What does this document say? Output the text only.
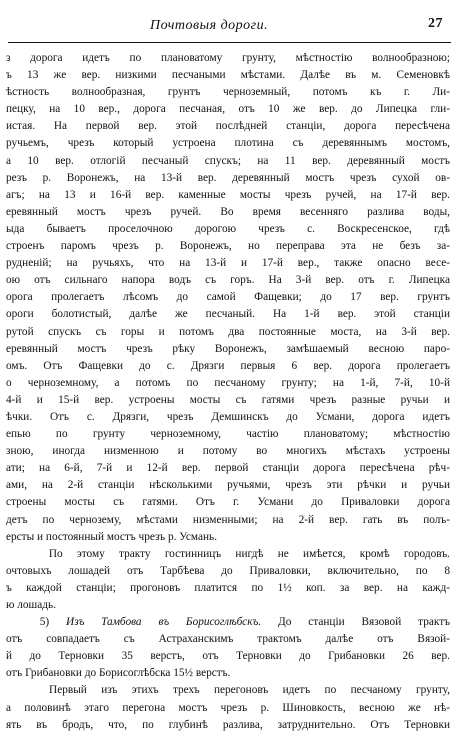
Почтовыя дороги.	27
з дорога идетъ по плановатому грунту, мѣстностію волнообразною;
ъ 13 же вер. низкими песчаными мѣстами. Далѣе въ м. Семеновкѣ
ѣстность волнообразная, грунтъ черноземный, потомъ къ г. Ли-
пецку, на 10 вер., дорога песчаная, отъ 10 же вер. до Липецка гли-
истая. На первой вер. этой послѣдней станціи, дорога пересѣчена
ручьемъ, чрезъ который устроена плотина съ деревяннымъ мостомъ,
а 10 вер. отлогій песчаный спускъ; на 11 вер. деревянный мостъ
резъ р. Воронежъ, на 13-й вер. деревянный мостъ чрезъ сухой ов-
агъ; на 13 и 16-й вер. каменные мосты чрезъ ручей, на 17-й вер.
еревянный мостъ чрезъ ручей. Во время весенняго разлива воды,
ыда бываетъ проселочною дорогою чрезъ с. Воскресенское, гдѣ
строенъ паромъ чрезъ р. Воронежъ, но переправа эта не безъ за-
рудненій; на ручьяхъ, что на 13-й и 17-й вер., также опасно весе-
ою отъ сильнаго напора водъ съ горъ. На 3-й вер. отъ г. Липецка
орога пролегаетъ лѣсомъ до самой Фащевки; до 17 вер. грунтъ
ороги болотистый, далѣе же песчаный. На 1-й вер. этой станціи
рутой спускъ съ горы и потомъ два постоянные моста, на 3-й вер.
еревянный мостъ чрезъ рѣку Воронежъ, замѣшаемый весною паро-
омъ. Отъ Фащевки до с. Дрязги первыя 6 вер. дорога пролегаетъ
о черноземному, а потомъ по песчаному грунту; на 1-й, 7-й, 10-й
4-й и 15-й вер. устроены мосты съ гатями чрезъ разные ручьи и
ѣчки. Отъ с. Дрязги, чрезъ Демшинскъ до Усмани, дорога идетъ
епью по грунту черноземному, частію плановатому; мѣстностію
зною, иногда низменною и потому во многихъ мѣстахъ устроены
ати; на 6-й, 7-й и 12-й вер. первой станціи дорога пересѣчена рѣч-
ами, на 2-й станціи нѣсколькими ручьями, чрезъ эти рѣчки и ручьи
строены мосты съ гатями. Отъ г. Усмани до Приваловки дорога
детъ по чернозему, мѣстами низменными; на 2-й вер. гать въ полъ-
ерсты и постоянный мостъ чрезъ р. Усмань.
По этому тракту гостинницъ нигдѣ не имѣется, кромѣ городовъ.
очтовыхъ лошадей отъ Тарбѣева до Приваловки, включительно, по 8
ъ каждой станціи; прогоновъ платится по 1½ коп. за вер. на кажд-
ю лошадь.
5) Изъ Тамбова въ Борисоглѣбскъ. До станціи Вязовой трактъ
отъ совпадаетъ съ Астраханскимъ трактомъ далѣе отъ Вязой-
й до Терновки 35 верстъ, отъ Терновки до Грибановки 26 вер.
отъ Грибановки до Борисоглѣбска 15½ верстъ.
Первый изъ этихъ трехъ перегоновъ идетъ по песчаному грунту,
а половинѣ этаго перегона мостъ чрезъ р. Шиновкость, весною же нѣ-
ять въ бродъ, что, по глубинѣ разлива, затруднительно. Отъ Терновки
